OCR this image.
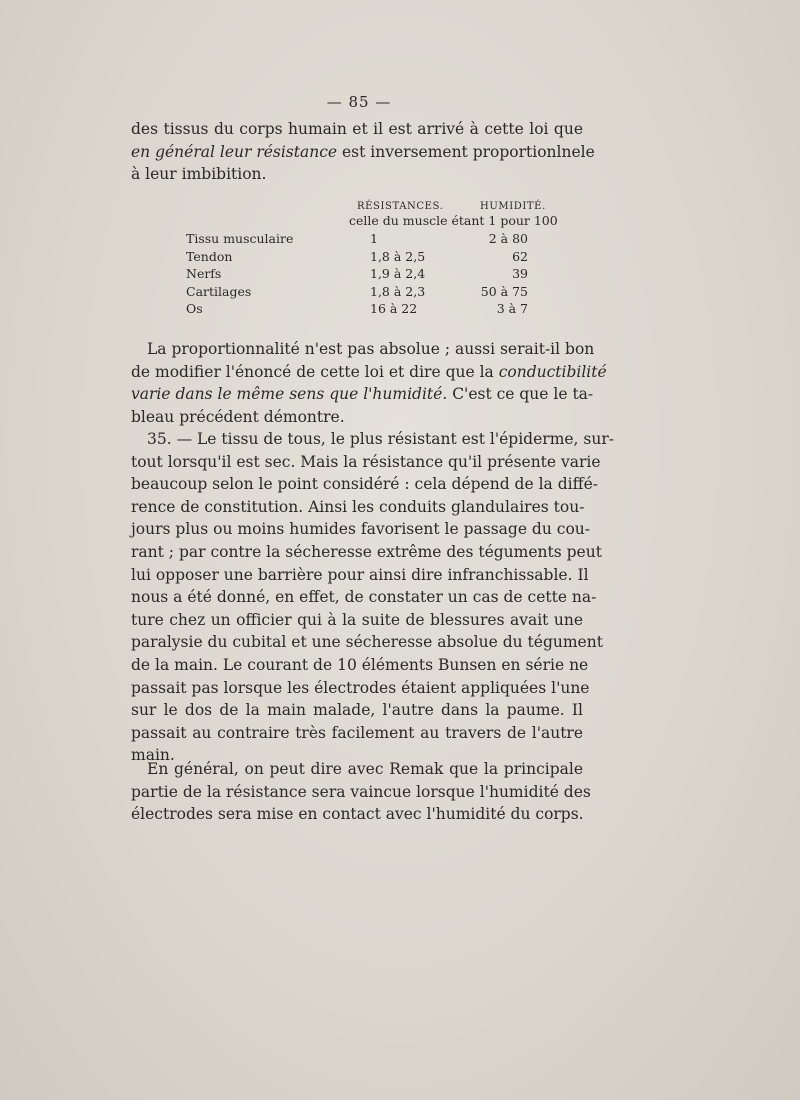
— 85 —
des tissus du corps humain et il est arrivé à cette loi que
en général leur résistance est inversement proportionlnele
à leur imbibition.
RÉSISTANCES.	HUMIDITÉ.
celle du muscle étant 1 pour 100
Tissu musculaire	1	2 à 80
Tendon	1,8 à 2,5	62
Nerfs	1,9 à 2,4	39
Cartilages	1,8 à 2,3	50 à 75
Os	16 à 22	3 à 7
La proportionnalité n'est pas absolue ; aussi serait-il bon
de modifier l'énoncé de cette loi et dire que la conductibilité
varie dans le même sens que l'humidité. C'est ce que le ta-
bleau précédent démontre.
35. — Le tissu de tous, le plus résistant est l'épiderme, sur-
tout lorsqu'il est sec. Mais la résistance qu'il présente varie
beaucoup selon le point considéré : cela dépend de la diffé-
rence de constitution. Ainsi les conduits glandulaires tou-
jours plus ou moins humides favorisent le passage du cou-
rant ; par contre la sécheresse extrême des téguments peut
lui opposer une barrière pour ainsi dire infranchissable. Il
nous a été donné, en effet, de constater un cas de cette na-
ture chez un officier qui à la suite de blessures avait une
paralysie du cubital et une sécheresse absolue du tégument
de la main. Le courant de 10 éléments Bunsen en série ne
passait pas lorsque les électrodes étaient appliquées l'une
sur le dos de la main malade, l'autre dans la paume. Il
passait au contraire très facilement au travers de l'autre
main.
En général, on peut dire avec Remak que la principale
partie de la résistance sera vaincue lorsque l'humidité des
électrodes sera mise en contact avec l'humidité du corps.
